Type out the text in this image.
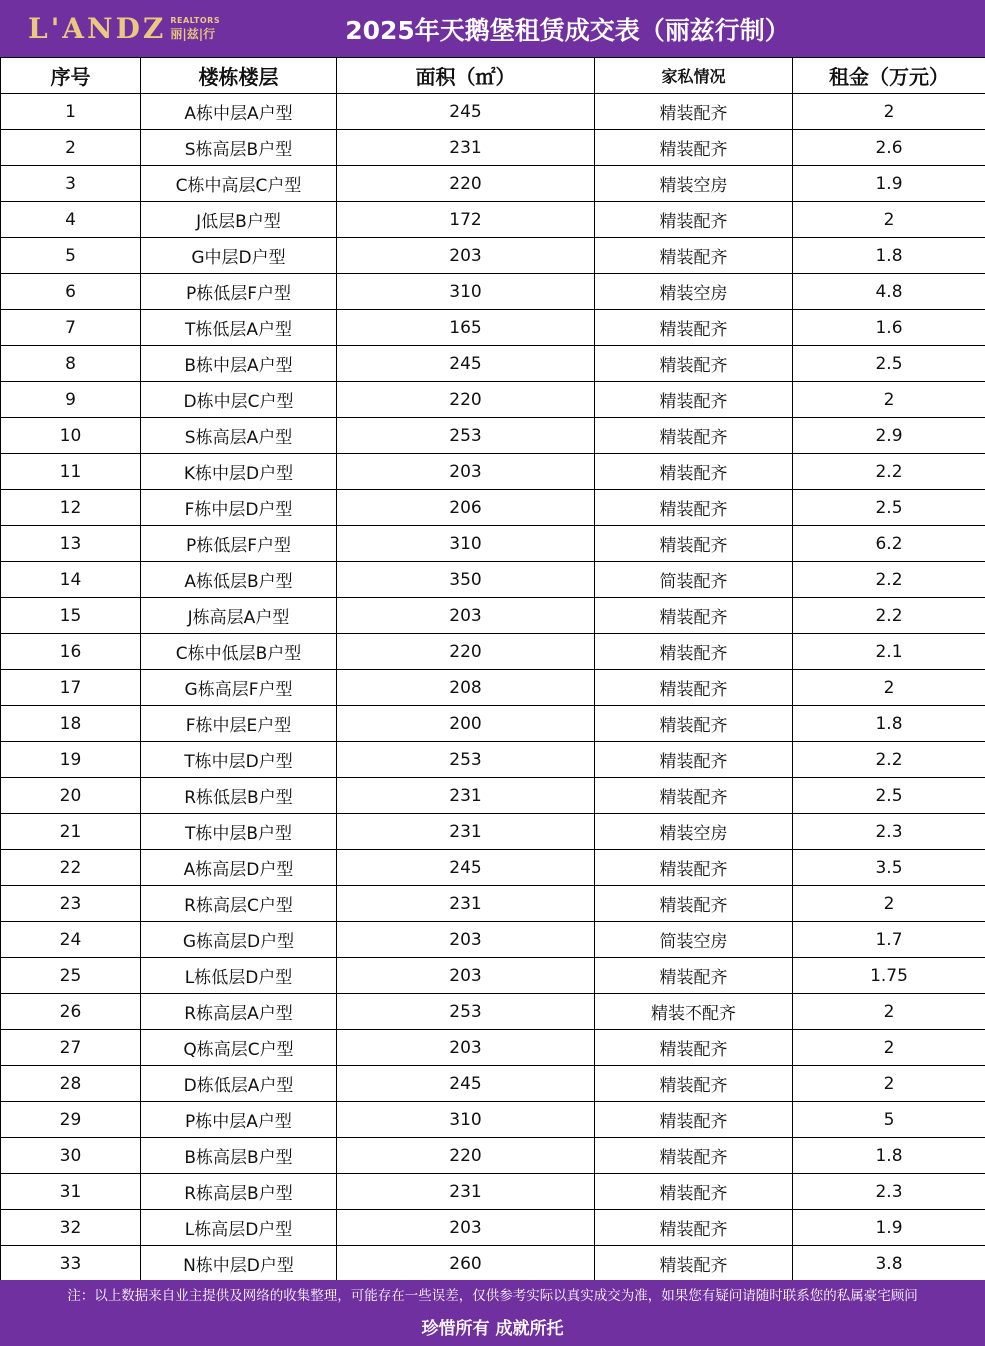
L'ANDZ REALTORS
丽|兹|行	2025年天鹅堡租赁成交表（丽兹行制）
序号	楼栋楼层	面积（㎡）	家私情况	租金（万元）
1	A栋中层A户型	245	精装配齐	2
2	S栋高层B户型	231	精装配齐	2.6
3	C栋中高层C户型	220	精装空房	1.9
4	J低层B户型	172	精装配齐	2
5	G中层D户型	203	精装配齐	1.8
6	P栋低层F户型	310	精装空房	4.8
7	T栋低层A户型	165	精装配齐	1.6
8	B栋中层A户型	245	精装配齐	2.5
9	D栋中层C户型	220	精装配齐	2
10	S栋高层A户型	253	精装配齐	2.9
11	K栋中层D户型	203	精装配齐	2.2
12	F栋中层D户型	206	精装配齐	2.5
13	P栋低层F户型	310	精装配齐	6.2
14	A栋低层B户型	350	简装配齐	2.2
15	J栋高层A户型	203	精装配齐	2.2
16	C栋中低层B户型	220	精装配齐	2.1
17	G栋高层F户型	208	精装配齐	2
18	F栋中层E户型	200	精装配齐	1.8
19	T栋中层D户型	253	精装配齐	2.2
20	R栋低层B户型	231	精装配齐	2.5
21	T栋中层B户型	231	精装空房	2.3
22	A栋高层D户型	245	精装配齐	3.5
23	R栋高层C户型	231	精装配齐	2
24	G栋高层D户型	203	简装空房	1.7
25	L栋低层D户型	203	精装配齐	1.75
26	R栋高层A户型	253	精装不配齐	2
27	Q栋高层C户型	203	精装配齐	2
28	D栋低层A户型	245	精装配齐	2
29	P栋中层A户型	310	精装配齐	5
30	B栋高层B户型	220	精装配齐	1.8
31	R栋高层B户型	231	精装配齐	2.3
32	L栋高层D户型	203	精装配齐	1.9
33	N栋中层D户型	260	精装配齐	3.8
注：以上数据来自业主提供及网络的收集整理，可能存在一些误差，仅供参考实际以真实成交为准，如果您有疑问请随时联系您的私属豪宅顾问
珍惜所有 成就所托
